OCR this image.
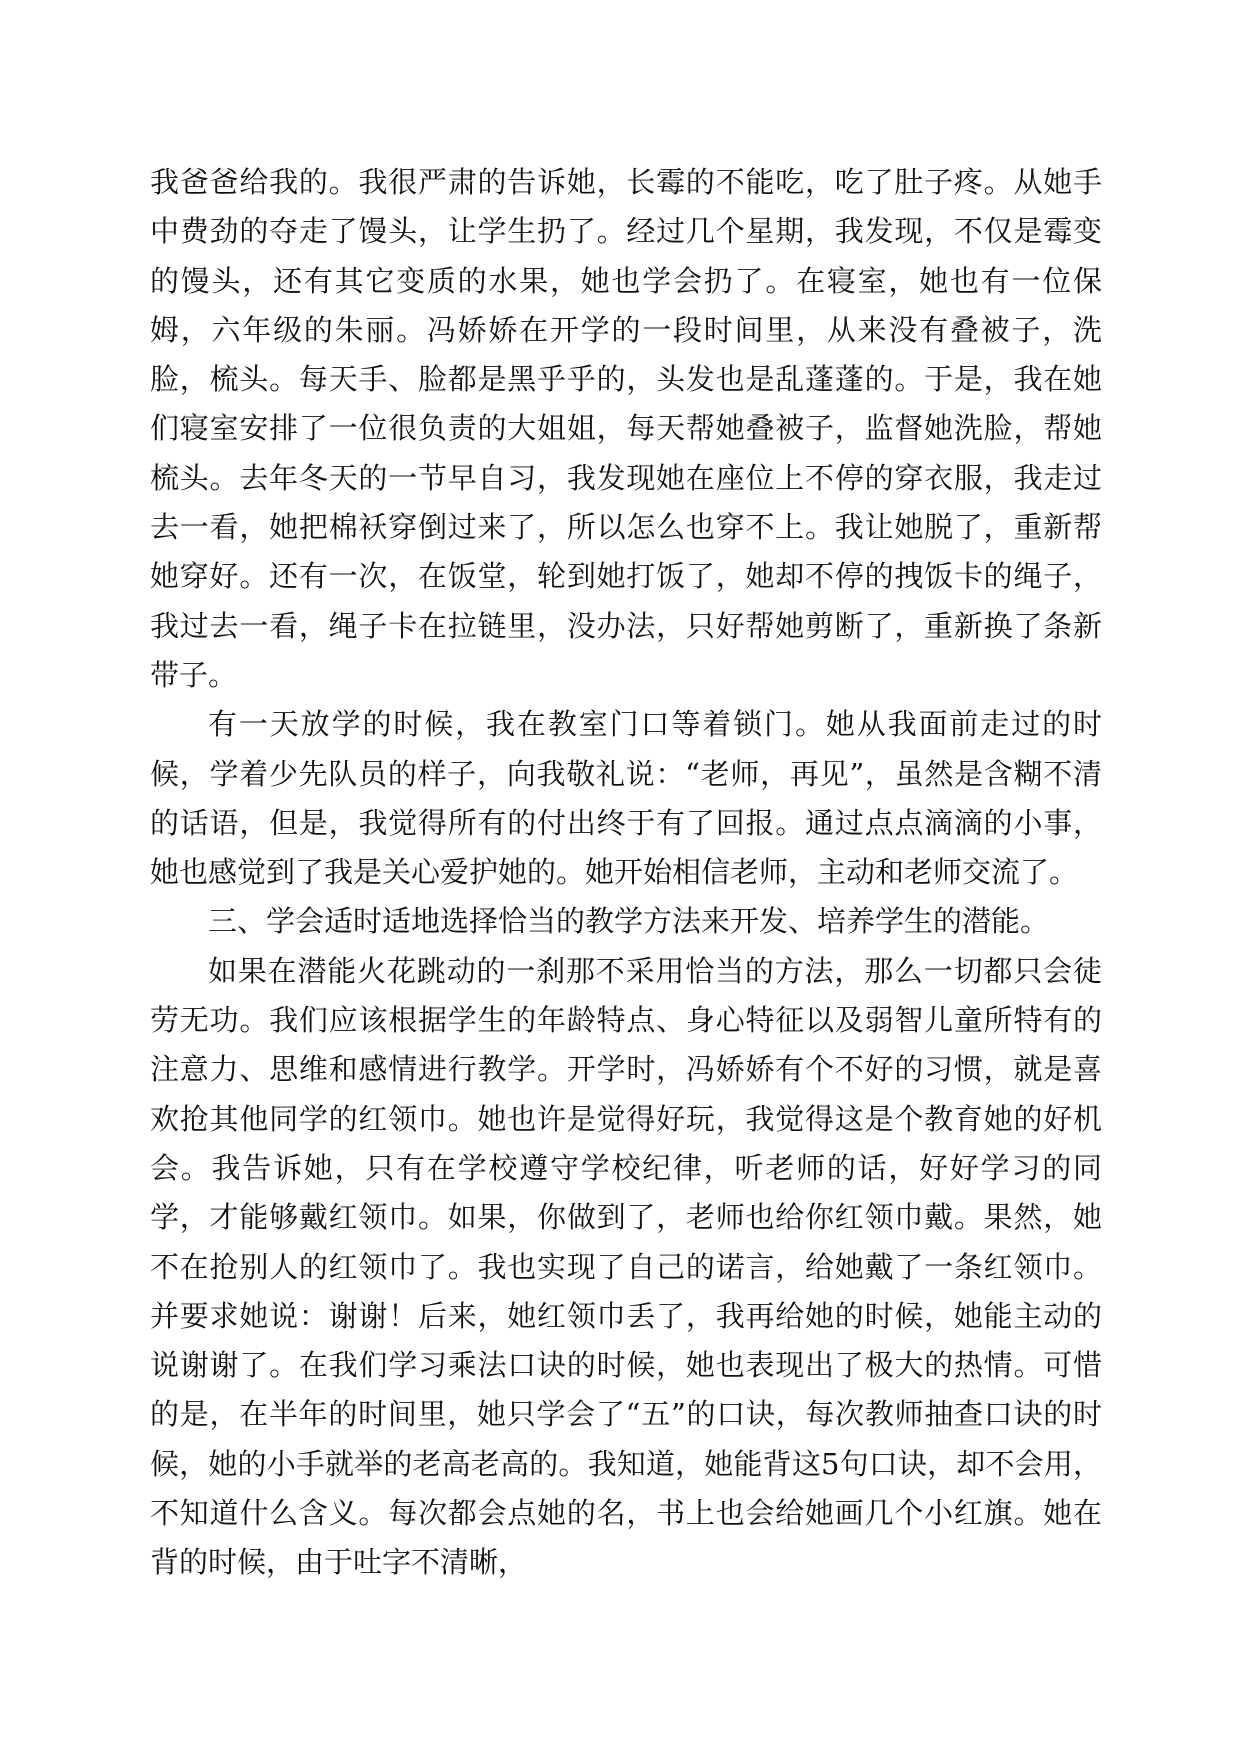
我爸爸给我的。我很严肃的告诉她，长霉的不能吃，吃了肚子疼。从她手中费劲的夺走了馒头，让学生扔了。经过几个星期，我发现，不仅是霉变的馒头，还有其它变质的水果，她也学会扔了。在寝室，她也有一位保姆，六年级的朱丽。冯娇娇在开学的一段时间里，从来没有叠被子，洗脸，梳头。每天手、脸都是黑乎乎的，头发也是乱蓬蓬的。于是，我在她们寝室安排了一位很负责的大姐姐，每天帮她叠被子，监督她洗脸，帮她梳头。去年冬天的一节早自习，我发现她在座位上不停的穿衣服，我走过去一看，她把棉袄穿倒过来了，所以怎么也穿不上。我让她脱了，重新帮她穿好。还有一次，在饭堂，轮到她打饭了，她却不停的拽饭卡的绳子，我过去一看，绳子卡在拉链里，没办法，只好帮她剪断了，重新换了条新带子。

有一天放学的时候，我在教室门口等着锁门。她从我面前走过的时候，学着少先队员的样子，向我敬礼说：“老师，再见”，虽然是含糊不清的话语，但是，我觉得所有的付出终于有了回报。通过点点滴滴的小事，她也感觉到了我是关心爱护她的。她开始相信老师，主动和老师交流了。

三、学会适时适地选择恰当的教学方法来开发、培养学生的潜能。

如果在潜能火花跳动的一刹那不采用恰当的方法，那么一切都只会徒劳无功。我们应该根据学生的年龄特点、身心特征以及弱智儿童所特有的注意力、思维和感情进行教学。开学时，冯娇娇有个不好的习惯，就是喜欢抢其他同学的红领巾。她也许是觉得好玩，我觉得这是个教育她的好机会。我告诉她，只有在学校遵守学校纪律，听老师的话，好好学习的同学，才能够戴红领巾。如果，你做到了，老师也给你红领巾戴。果然，她不在抢别人的红领巾了。我也实现了自己的诺言，给她戴了一条红领巾。并要求她说：谢谢！后来，她红领巾丢了，我再给她的时候，她能主动的说谢谢了。在我们学习乘法口诀的时候，她也表现出了极大的热情。可惜的是，在半年的时间里，她只学会了“五”的口诀，每次教师抽查口诀的时候，她的小手就举的老高老高的。我知道，她能背这5句口诀，却不会用，不知道什么含义。每次都会点她的名，书上也会给她画几个小红旗。她在背的时候，由于吐字不清晰，
